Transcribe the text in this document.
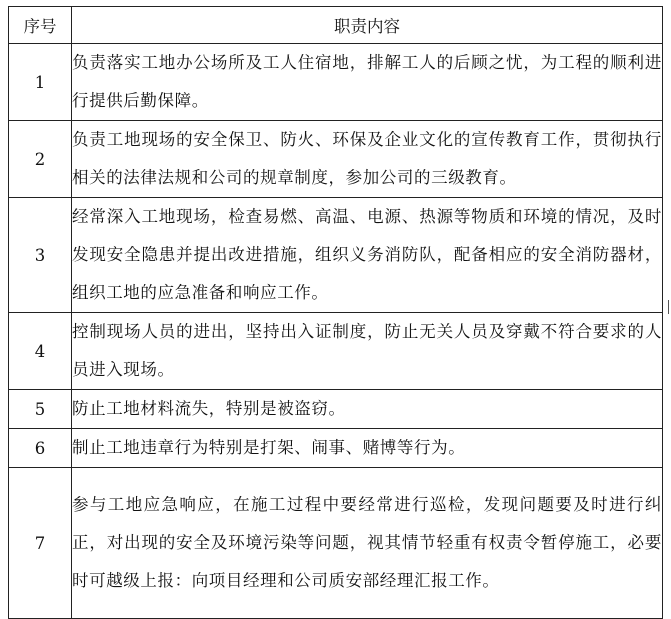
序号	职责内容
1	负责落实工地办公场所及工人住宿地，排解工人的后顾之忧，为工程的顺利进行提供后勤保障。
2	负责工地现场的安全保卫、防火、环保及企业文化的宣传教育工作，贯彻执行相关的法律法规和公司的规章制度，参加公司的三级教育。
3	经常深入工地现场，检查易燃、高温、电源、热源等物质和环境的情况，及时发现安全隐患并提出改进措施，组织义务消防队，配备相应的安全消防器材，组织工地的应急准备和响应工作。
4	控制现场人员的进出，坚持出入证制度，防止无关人员及穿戴不符合要求的人员进入现场。
5	防止工地材料流失，特别是被盗窃。
6	制止工地违章行为特别是打架、闹事、赌博等行为。
7	参与工地应急响应，在施工过程中要经常进行巡检，发现问题要及时进行纠正，对出现的安全及环境污染等问题，视其情节轻重有权责令暂停施工，必要时可越级上报：向项目经理和公司质安部经理汇报工作。
